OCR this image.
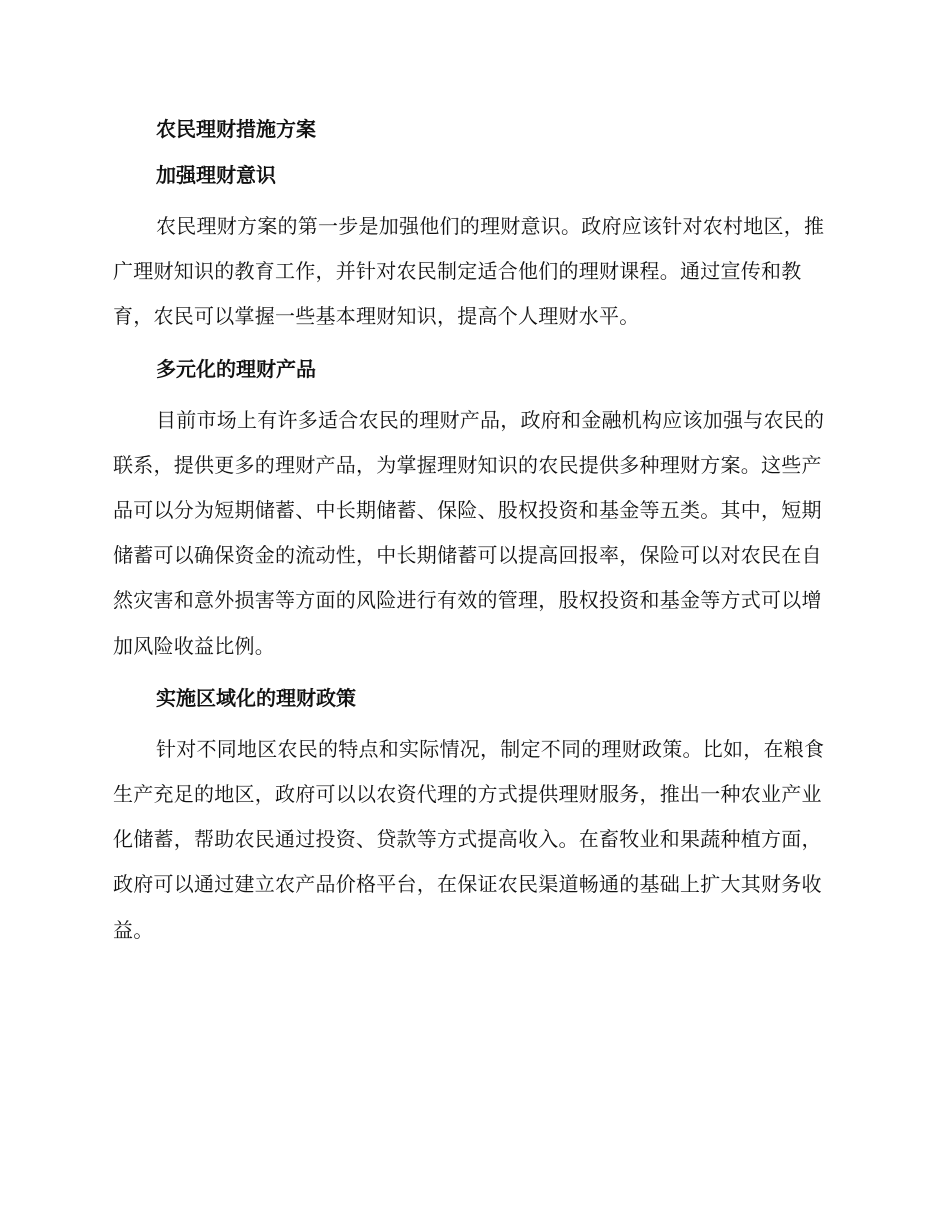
农民理财措施方案
加强理财意识

农民理财方案的第一步是加强他们的理财意识。政府应该针对农村地区，推广理财知识的教育工作，并针对农民制定适合他们的理财课程。通过宣传和教育，农民可以掌握一些基本理财知识，提高个人理财水平。

多元化的理财产品

目前市场上有许多适合农民的理财产品，政府和金融机构应该加强与农民的联系，提供更多的理财产品，为掌握理财知识的农民提供多种理财方案。这些产品可以分为短期储蓄、中长期储蓄、保险、股权投资和基金等五类。其中，短期储蓄可以确保资金的流动性，中长期储蓄可以提高回报率，保险可以对农民在自然灾害和意外损害等方面的风险进行有效的管理，股权投资和基金等方式可以增加风险收益比例。

实施区域化的理财政策

针对不同地区农民的特点和实际情况，制定不同的理财政策。比如，在粮食生产充足的地区，政府可以以农资代理的方式提供理财服务，推出一种农业产业化储蓄，帮助农民通过投资、贷款等方式提高收入。在畜牧业和果蔬种植方面，政府可以通过建立农产品价格平台，在保证农民渠道畅通的基础上扩大其财务收益。
